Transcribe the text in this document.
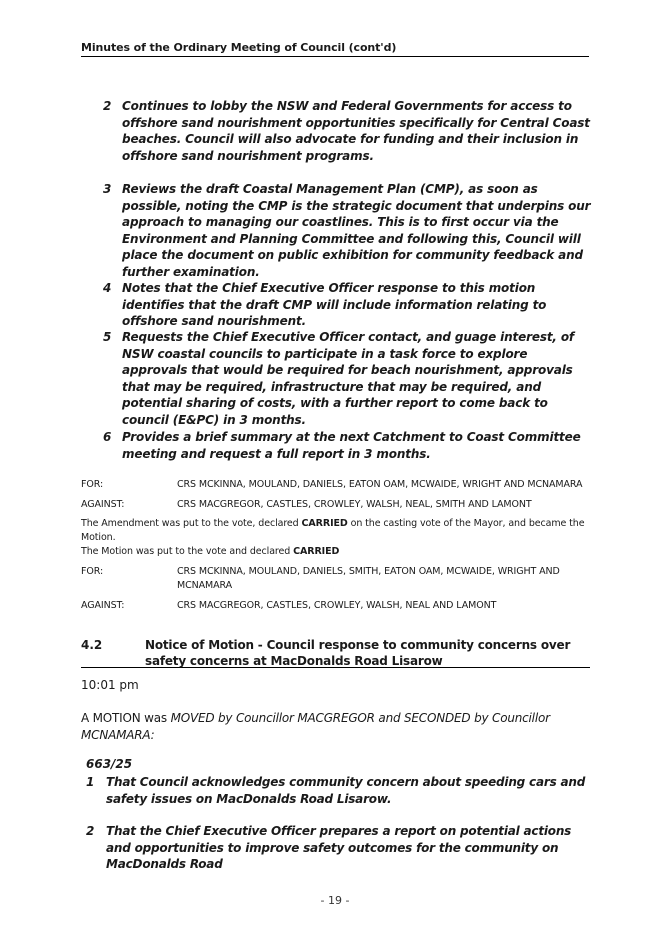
Minutes of the Ordinary Meeting of Council (cont'd)
2 Continues to lobby the NSW and Federal Governments for access to offshore sand nourishment opportunities specifically for Central Coast beaches. Council will also advocate for funding and their inclusion in offshore sand nourishment programs.
3 Reviews the draft Coastal Management Plan (CMP), as soon as possible, noting the CMP is the strategic document that underpins our approach to managing our coastlines. This is to first occur via the Environment and Planning Committee and following this, Council will place the document on public exhibition for community feedback and further examination.
4 Notes that the Chief Executive Officer response to this motion identifies that the draft CMP will include information relating to offshore sand nourishment.
5 Requests the Chief Executive Officer contact, and guage interest, of NSW coastal councils to participate in a task force to explore approvals that would be required for beach nourishment, approvals that may be required, infrastructure that may be required, and potential sharing of costs, with a further report to come back to council (E&PC) in 3 months.
6 Provides a brief summary at the next Catchment to Coast Committee meeting and request a full report in 3 months.
FOR:	CRS MCKINNA, MOULAND, DANIELS, EATON OAM, MCWAIDE, WRIGHT AND MCNAMARA
AGAINST:	CRS MACGREGOR, CASTLES, CROWLEY, WALSH, NEAL, SMITH AND LAMONT
The Amendment was put to the vote, declared CARRIED on the casting vote of the Mayor, and became the Motion.
The Motion was put to the vote and declared CARRIED
FOR:	CRS MCKINNA, MOULAND, DANIELS, SMITH, EATON OAM, MCWAIDE, WRIGHT AND MCNAMARA
AGAINST:	CRS MACGREGOR, CASTLES, CROWLEY, WALSH, NEAL AND LAMONT
4.2	Notice of Motion - Council response to community concerns over safety concerns at MacDonalds Road Lisarow
10:01 pm
A MOTION was MOVED by Councillor MACGREGOR and SECONDED by Councillor MCNAMARA:
663/25
1 That Council acknowledges community concern about speeding cars and safety issues on MacDonalds Road Lisarow.
2 That the Chief Executive Officer prepares a report on potential actions and opportunities to improve safety outcomes for the community on MacDonalds Road
- 19 -
